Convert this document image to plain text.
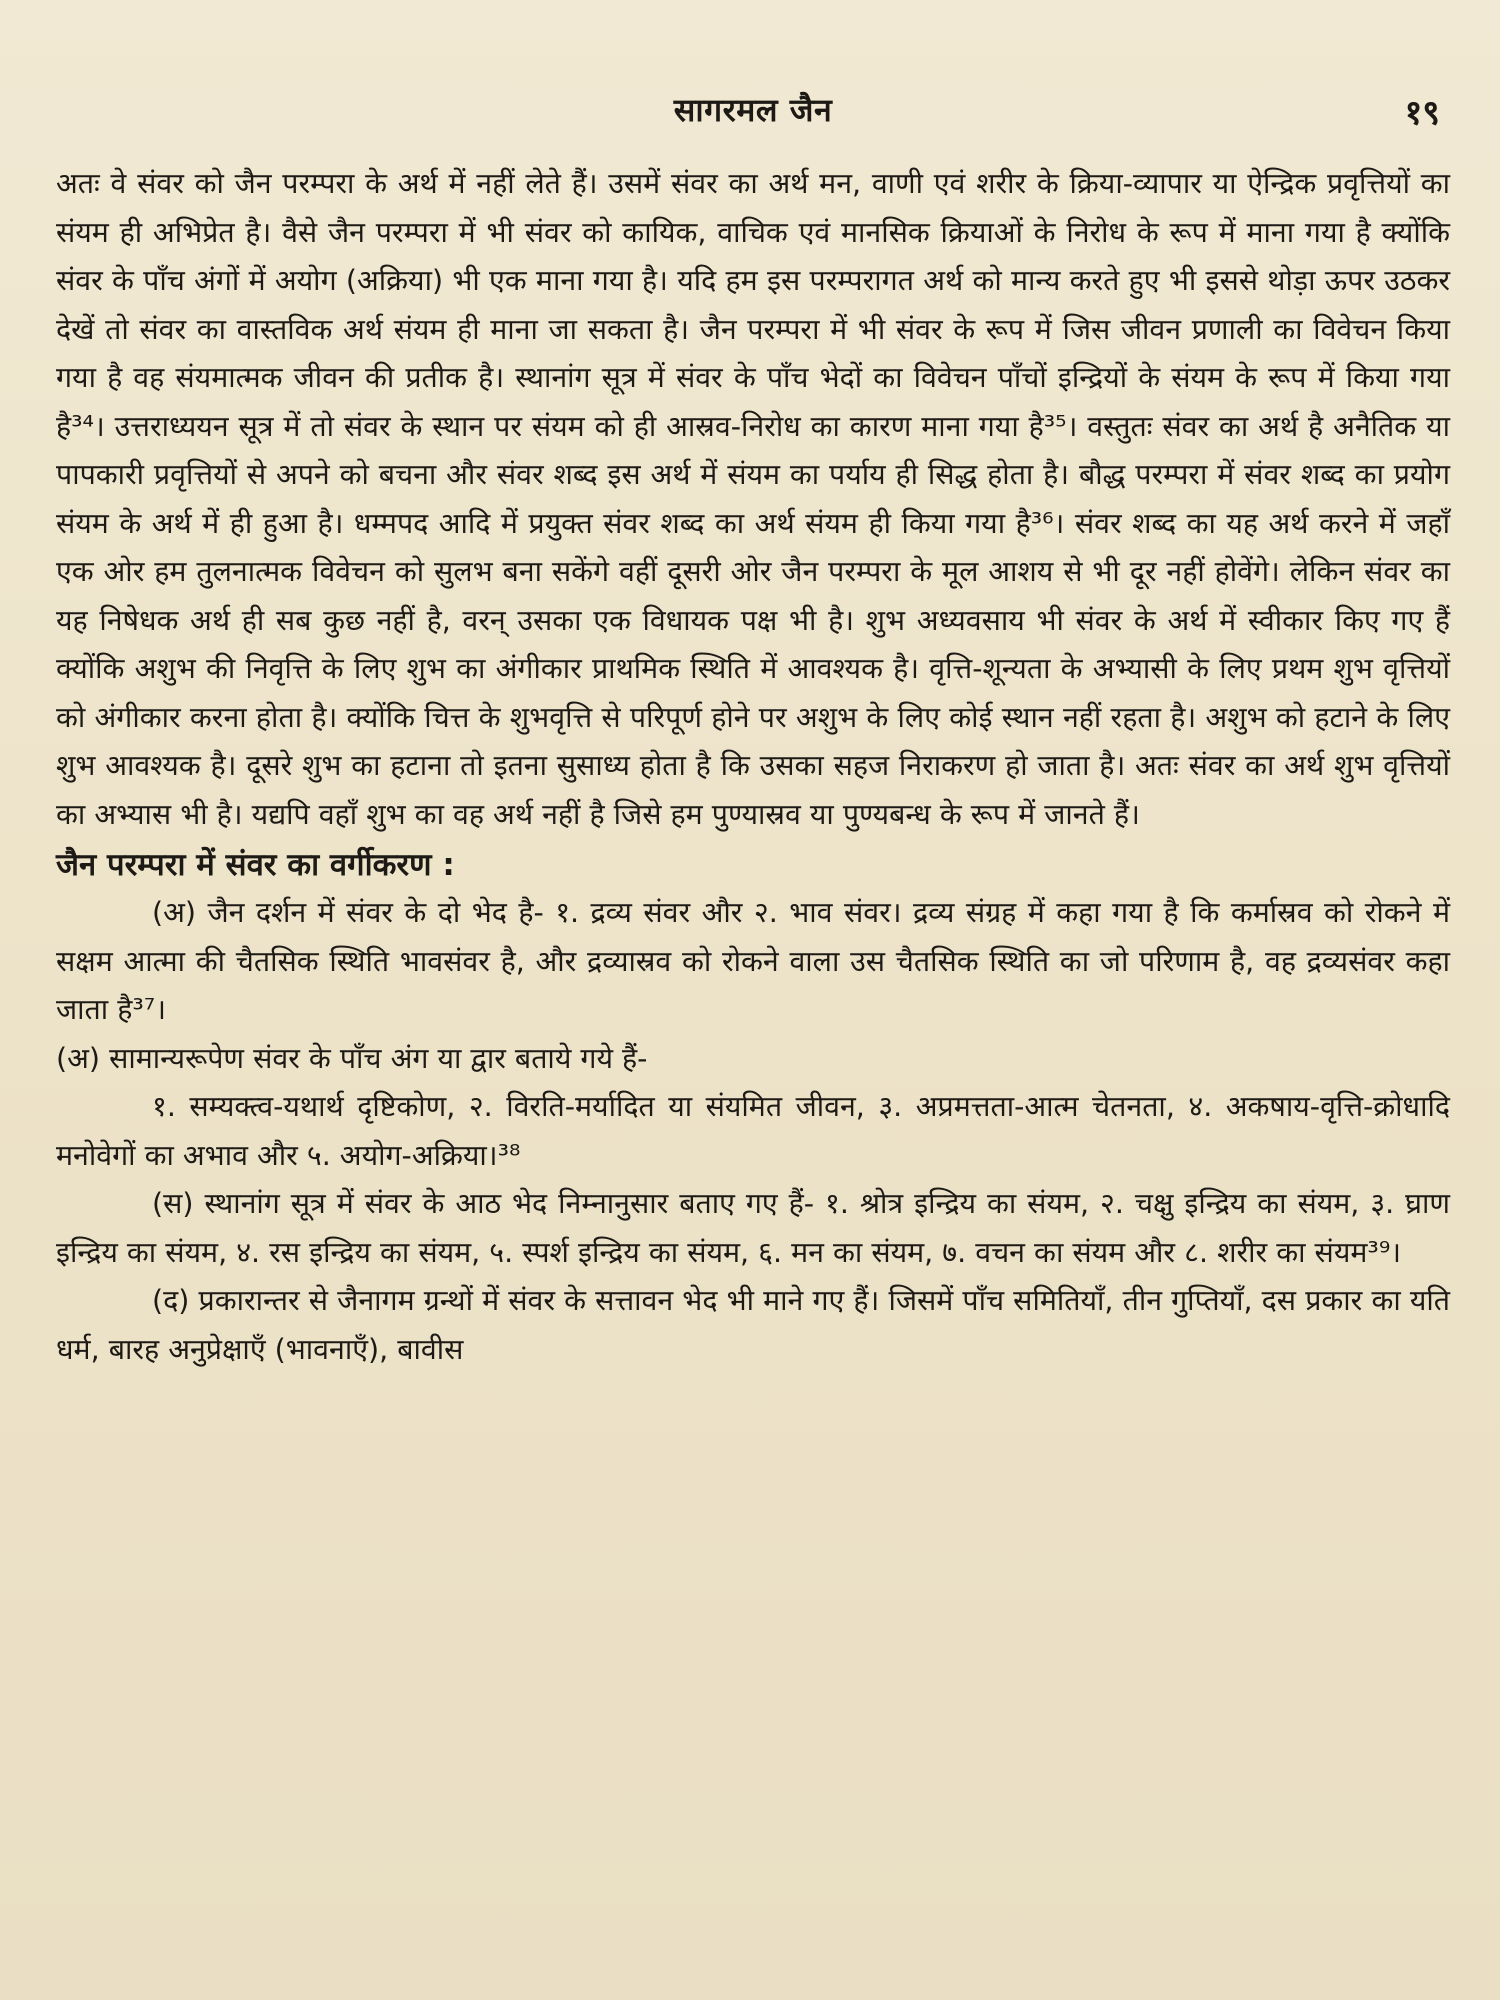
सागरमल जैन	१९

अतः वे संवर को जैन परम्परा के अर्थ में नहीं लेते हैं। उसमें संवर का अर्थ मन, वाणी एवं शरीर के क्रिया-व्यापार या ऐन्द्रिक प्रवृत्तियों का संयम ही अभिप्रेत है। वैसे जैन परम्परा में भी संवर को कायिक, वाचिक एवं मानसिक क्रियाओं के निरोध के रूप में माना गया है क्योंकि संवर के पाँच अंगों में अयोग (अक्रिया) भी एक माना गया है। यदि हम इस परम्परागत अर्थ को मान्य करते हुए भी इससे थोड़ा ऊपर उठकर देखें तो संवर का वास्तविक अर्थ संयम ही माना जा सकता है। जैन परम्परा में भी संवर के रूप में जिस जीवन प्रणाली का विवेचन किया गया है वह संयमात्मक जीवन की प्रतीक है। स्थानांग सूत्र में संवर के पाँच भेदों का विवेचन पाँचों इन्द्रियों के संयम के रूप में किया गया है³⁴। उत्तराध्ययन सूत्र में तो संवर के स्थान पर संयम को ही आस्रव-निरोध का कारण माना गया है³⁵। वस्तुतः संवर का अर्थ है अनैतिक या पापकारी प्रवृत्तियों से अपने को बचना और संवर शब्द इस अर्थ में संयम का पर्याय ही सिद्ध होता है। बौद्ध परम्परा में संवर शब्द का प्रयोग संयम के अर्थ में ही हुआ है। धम्मपद आदि में प्रयुक्त संवर शब्द का अर्थ संयम ही किया गया है³⁶। संवर शब्द का यह अर्थ करने में जहाँ एक ओर हम तुलनात्मक विवेचन को सुलभ बना सकेंगे वहीं दूसरी ओर जैन परम्परा के मूल आशय से भी दूर नहीं होवेंगे। लेकिन संवर का यह निषेधक अर्थ ही सब कुछ नहीं है, वरन् उसका एक विधायक पक्ष भी है। शुभ अध्यवसाय भी संवर के अर्थ में स्वीकार किए गए हैं क्योंकि अशुभ की निवृत्ति के लिए शुभ का अंगीकार प्राथमिक स्थिति में आवश्यक है। वृत्ति-शून्यता के अभ्यासी के लिए प्रथम शुभ वृत्तियों को अंगीकार करना होता है। क्योंकि चित्त के शुभवृत्ति से परिपूर्ण होने पर अशुभ के लिए कोई स्थान नहीं रहता है। अशुभ को हटाने के लिए शुभ आवश्यक है। दूसरे शुभ का हटाना तो इतना सुसाध्य होता है कि उसका सहज निराकरण हो जाता है। अतः संवर का अर्थ शुभ वृत्तियों का अभ्यास भी है। यद्यपि वहाँ शुभ का वह अर्थ नहीं है जिसे हम पुण्यास्रव या पुण्यबन्ध के रूप में जानते हैं।

जैन परम्परा में संवर का वर्गीकरण :

(अ) जैन दर्शन में संवर के दो भेद है- १. द्रव्य संवर और २. भाव संवर। द्रव्य संग्रह में कहा गया है कि कर्मास्रव को रोकने में सक्षम आत्मा की चैतसिक स्थिति भावसंवर है, और द्रव्यास्रव को रोकने वाला उस चैतसिक स्थिति का जो परिणाम है, वह द्रव्यसंवर कहा जाता है³⁷।

(अ) सामान्यरूपेण संवर के पाँच अंग या द्वार बताये गये हैं-

१. सम्यक्त्व-यथार्थ दृष्टिकोण, २. विरति-मर्यादित या संयमित जीवन, ३. अप्रमत्तता-आत्म चेतनता, ४. अकषाय-वृत्ति-क्रोधादि मनोवेगों का अभाव और ५. अयोग-अक्रिया।³⁸

(स) स्थानांग सूत्र में संवर के आठ भेद निम्नानुसार बताए गए हैं- १. श्रोत्र इन्द्रिय का संयम, २. चक्षु इन्द्रिय का संयम, ३. घ्राण इन्द्रिय का संयम, ४. रस इन्द्रिय का संयम, ५. स्पर्श इन्द्रिय का संयम, ६. मन का संयम, ७. वचन का संयम और ८. शरीर का संयम³⁹।

(द) प्रकारान्तर से जैनागम ग्रन्थों में संवर के सत्तावन भेद भी माने गए हैं। जिसमें पाँच समितियाँ, तीन गुप्तियाँ, दस प्रकार का यति धर्म, बारह अनुप्रेक्षाएँ (भावनाएँ), बावीस
